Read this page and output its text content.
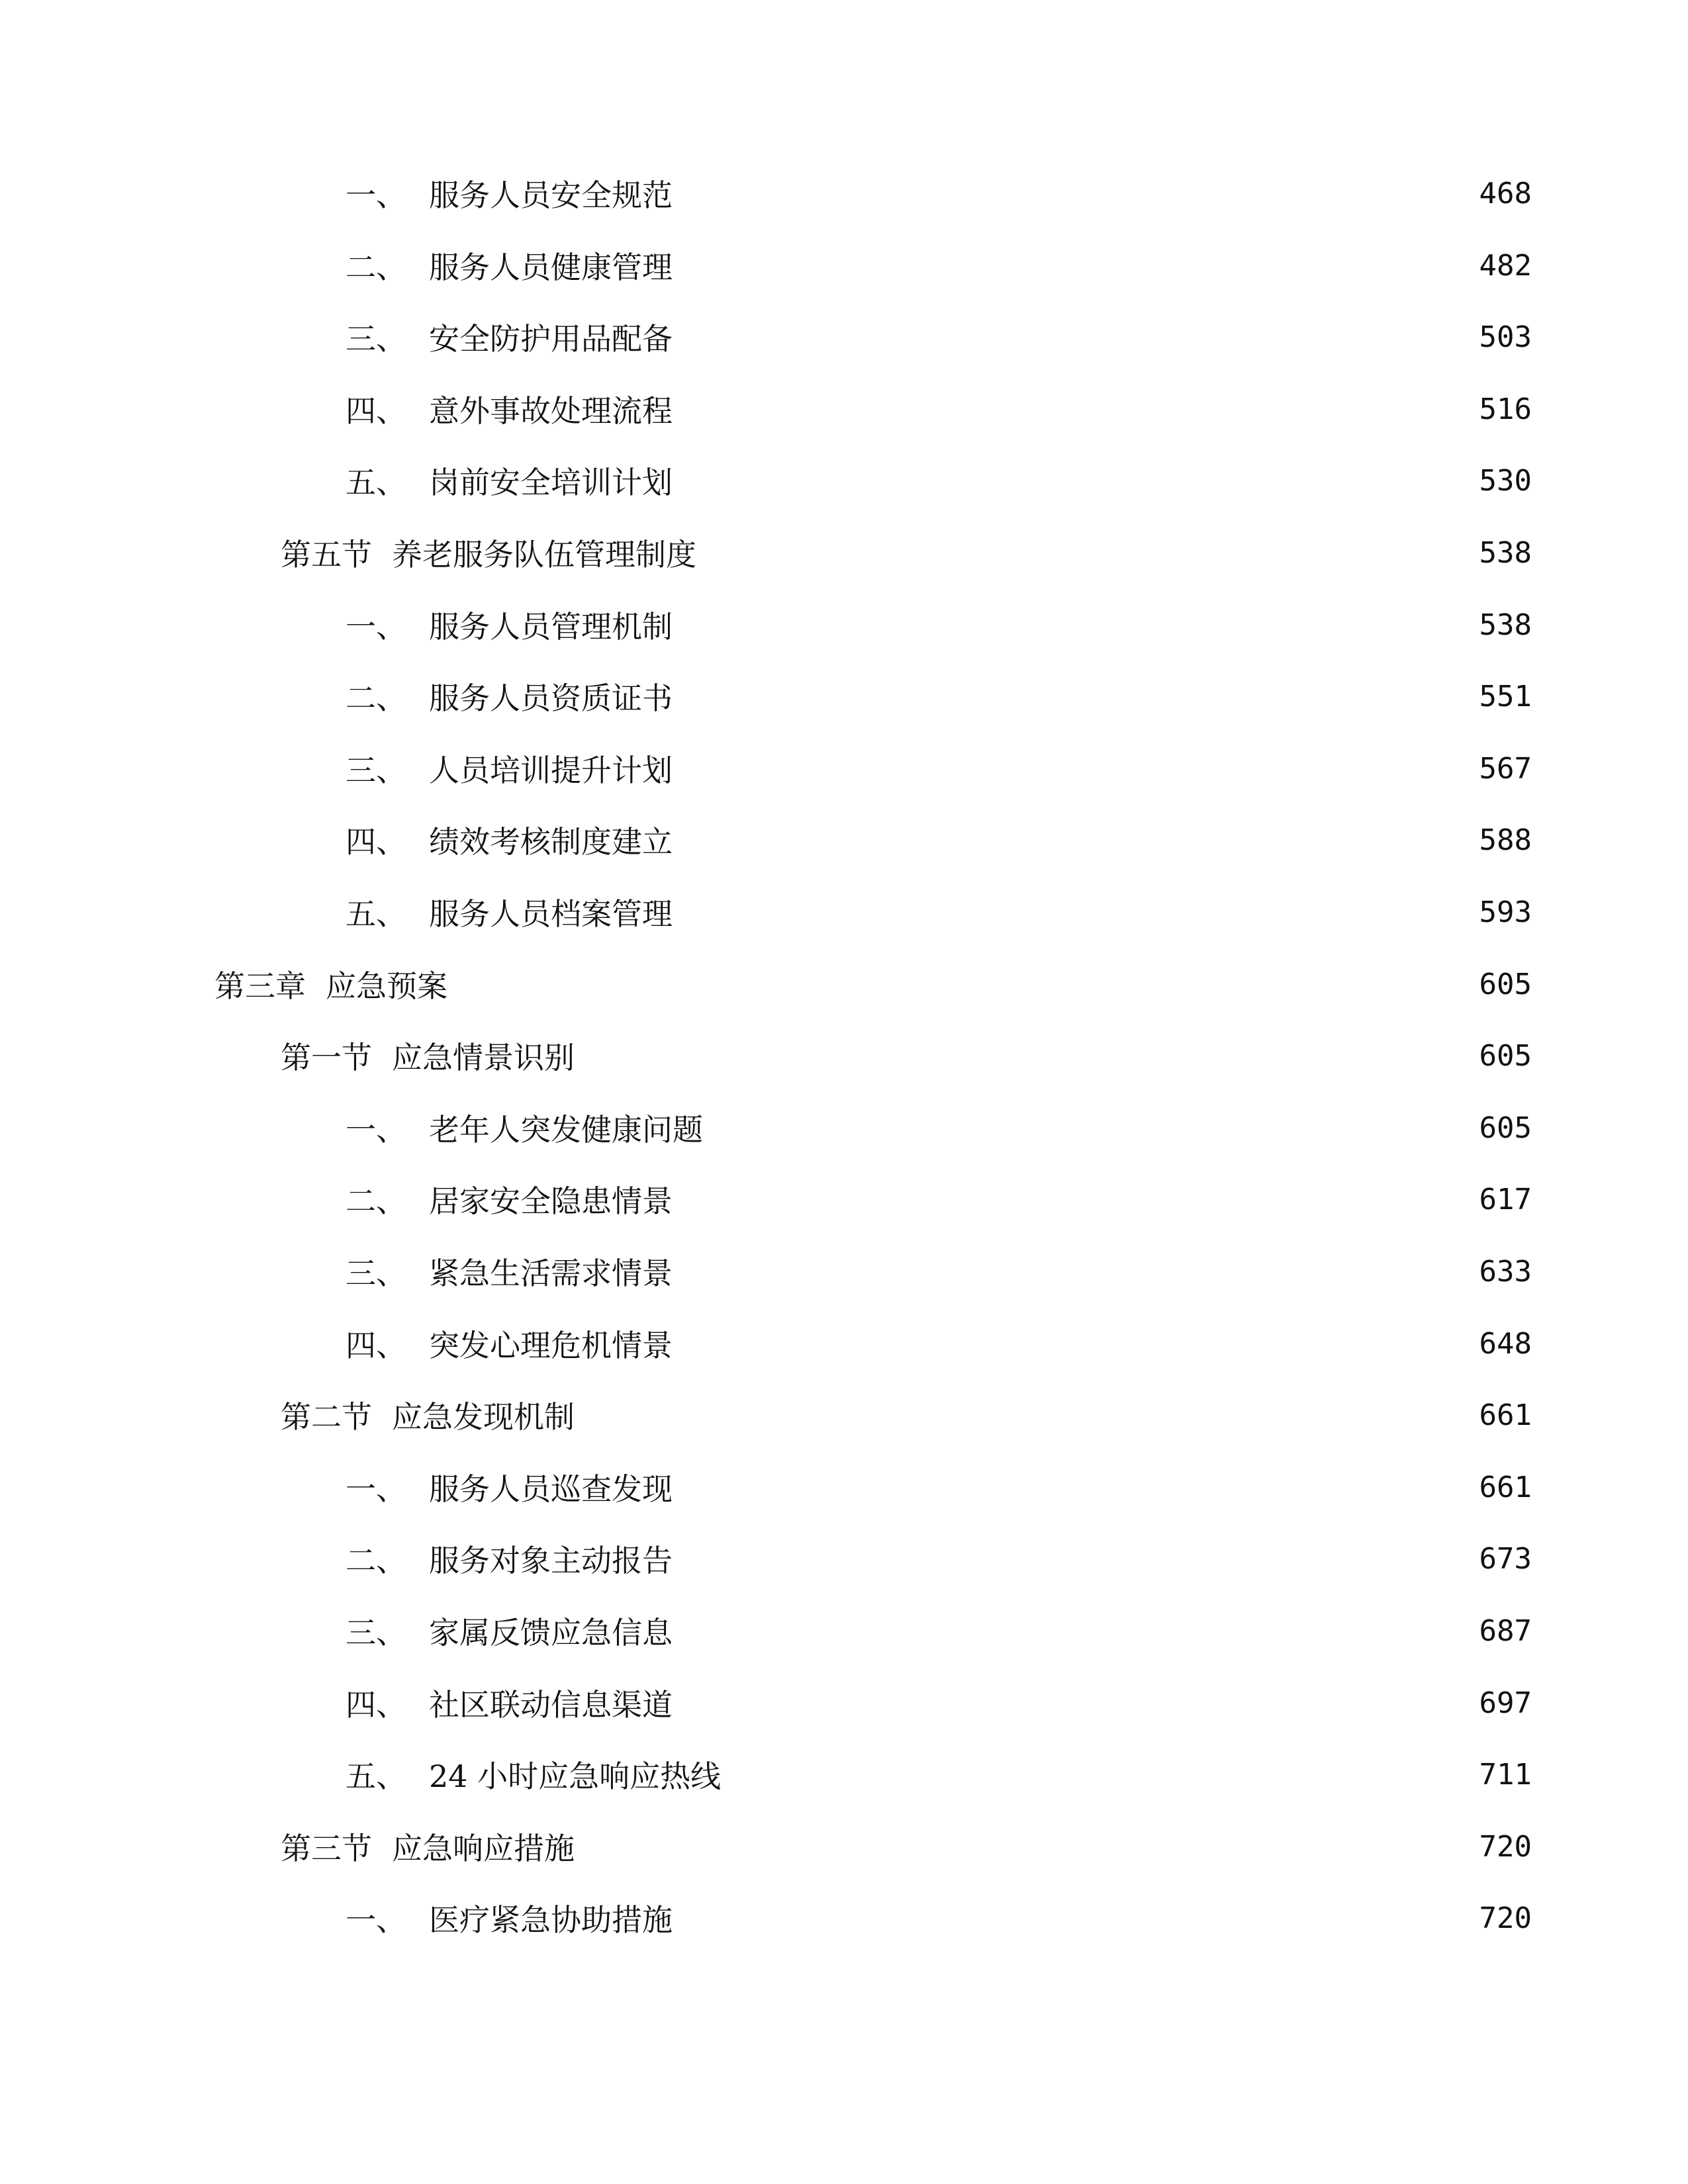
一、 服务人员安全规范	468
二、 服务人员健康管理	482
三、 安全防护用品配备	503
四、 意外事故处理流程	516
五、 岗前安全培训计划	530
第五节 养老服务队伍管理制度	538
一、 服务人员管理机制	538
二、 服务人员资质证书	551
三、 人员培训提升计划	567
四、 绩效考核制度建立	588
五、 服务人员档案管理	593
第三章 应急预案	605
第一节 应急情景识别	605
一、 老年人突发健康问题	605
二、 居家安全隐患情景	617
三、 紧急生活需求情景	633
四、 突发心理危机情景	648
第二节 应急发现机制	661
一、 服务人员巡查发现	661
二、 服务对象主动报告	673
三、 家属反馈应急信息	687
四、 社区联动信息渠道	697
五、 24 小时应急响应热线	711
第三节 应急响应措施	720
一、 医疗紧急协助措施	720
